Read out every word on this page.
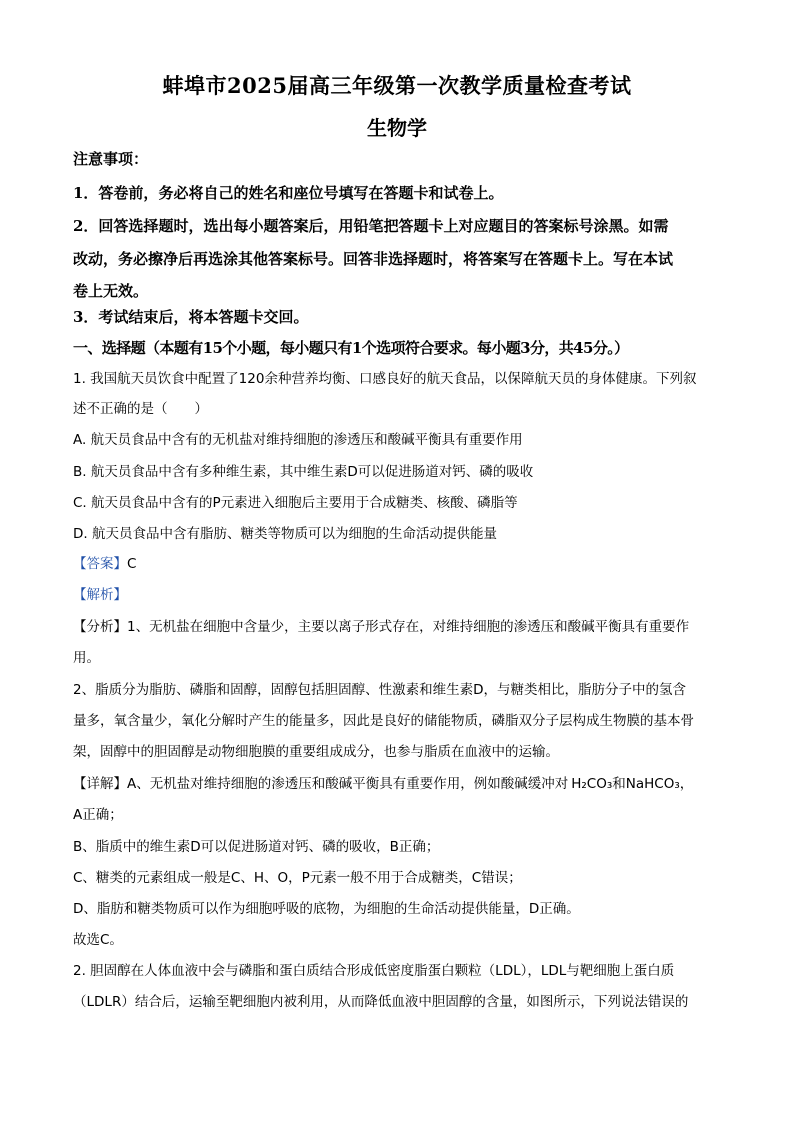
蚌埠市2025届高三年级第一次教学质量检查考试
生物学
注意事项：
1．答卷前，务必将自己的姓名和座位号填写在答题卡和试卷上。
2．回答选择题时，选出每小题答案后，用铅笔把答题卡上对应题目的答案标号涂黑。如需
改动，务必擦净后再选涂其他答案标号。回答非选择题时，将答案写在答题卡上。写在本试
卷上无效。
3．考试结束后，将本答题卡交回。
一、选择题（本题有15个小题，每小题只有1个选项符合要求。每小题3分，共45分。）
1. 我国航天员饮食中配置了120余种营养均衡、口感良好的航天食品，以保障航天员的身体健康。下列叙
述不正确的是（　　）
A. 航天员食品中含有的无机盐对维持细胞的渗透压和酸碱平衡具有重要作用
B. 航天员食品中含有多种维生素，其中维生素D可以促进肠道对钙、磷的吸收
C. 航天员食品中含有的P元素进入细胞后主要用于合成糖类、核酸、磷脂等
D. 航天员食品中含有脂肪、糖类等物质可以为细胞的生命活动提供能量
【答案】C
【解析】
【分析】1、无机盐在细胞中含量少，主要以离子形式存在，对维持细胞的渗透压和酸碱平衡具有重要作
用。
2、脂质分为脂肪、磷脂和固醇，固醇包括胆固醇、性激素和维生素D，与糖类相比，脂肪分子中的氢含
量多，氧含量少，氧化分解时产生的能量多，因此是良好的储能物质，磷脂双分子层构成生物膜的基本骨
架，固醇中的胆固醇是动物细胞膜的重要组成成分，也参与脂质在血液中的运输。
【详解】A、无机盐对维持细胞的渗透压和酸碱平衡具有重要作用，例如酸碱缓冲对 H₂CO₃和NaHCO₃，
A正确；
B、脂质中的维生素D可以促进肠道对钙、磷的吸收，B正确；
C、糖类的元素组成一般是C、H、O，P元素一般不用于合成糖类，C错误；
D、脂肪和糖类物质可以作为细胞呼吸的底物，为细胞的生命活动提供能量，D正确。
故选C。
2. 胆固醇在人体血液中会与磷脂和蛋白质结合形成低密度脂蛋白颗粒（LDL），LDL与靶细胞上蛋白质
（LDLR）结合后，运输至靶细胞内被利用，从而降低血液中胆固醇的含量，如图所示，下列说法错误的
